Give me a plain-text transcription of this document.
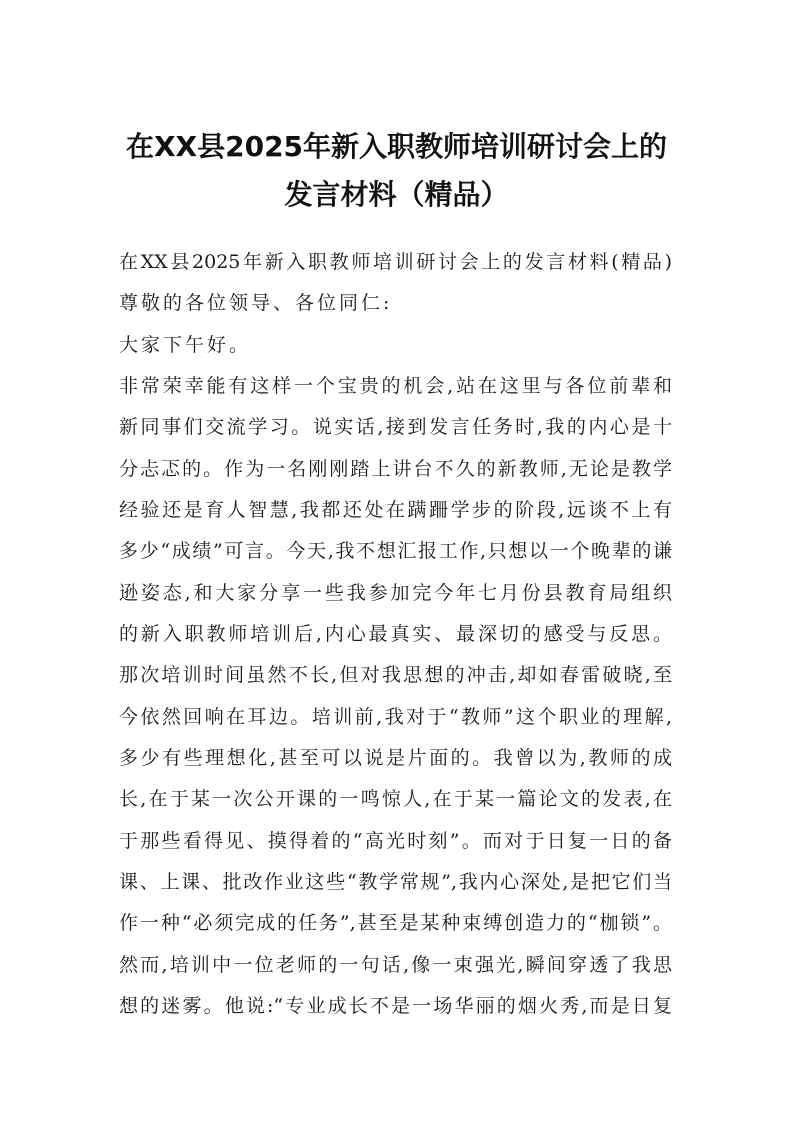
在XX县2025年新入职教师培训研讨会上的
发言材料（精品）
在XX县2025年新入职教师培训研讨会上的发言材料(精品)
尊敬的各位领导、各位同仁:
大家下午好。
非常荣幸能有这样一个宝贵的机会,站在这里与各位前辈和
新同事们交流学习。说实话,接到发言任务时,我的内心是十
分忐忑的。作为一名刚刚踏上讲台不久的新教师,无论是教学
经验还是育人智慧,我都还处在蹒跚学步的阶段,远谈不上有
多少“成绩”可言。今天,我不想汇报工作,只想以一个晚辈的谦
逊姿态,和大家分享一些我参加完今年七月份县教育局组织
的新入职教师培训后,内心最真实、最深切的感受与反思。
那次培训时间虽然不长,但对我思想的冲击,却如春雷破晓,至
今依然回响在耳边。培训前,我对于“教师”这个职业的理解,
多少有些理想化,甚至可以说是片面的。我曾以为,教师的成
长,在于某一次公开课的一鸣惊人,在于某一篇论文的发表,在
于那些看得见、摸得着的“高光时刻”。而对于日复一日的备
课、上课、批改作业这些“教学常规”,我内心深处,是把它们当
作一种“必须完成的任务”,甚至是某种束缚创造力的“枷锁”。
然而,培训中一位老师的一句话,像一束强光,瞬间穿透了我思
想的迷雾。他说:“专业成长不是一场华丽的烟火秀,而是日复
